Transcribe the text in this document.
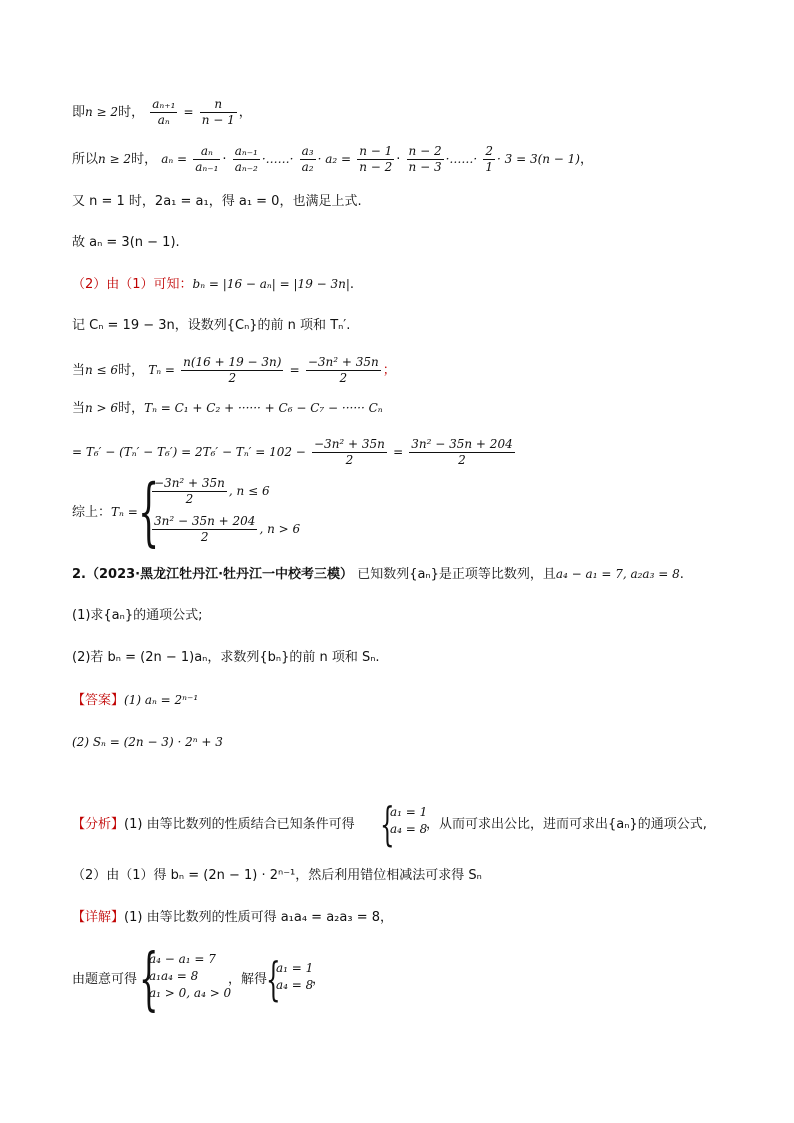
即n ≥ 2时， $\frac{\text{aₙ₊₁}}{\text{aₙ}} = \frac{n}{n - 1}$ ，
所以n ≥ 2时， $a_n = \frac{\text{aₙ}}{\text{aₙ₋₁}} \cdot \frac{\text{aₙ₋₁}}{\text{aₙ₋₂}}$ ·……· $\frac{\text{a₃}}{\text{a₂}} \cdot a_2 = \frac{n - 1}{n - 2} \cdot \frac{n - 2}{n - 3}$ ·……· $\frac{2}{1} \cdot 3 = 3(n - 1)$，
又 n = 1 时，2a₁ = a₁，得 a₁ = 0，也满足上式.
故 aₙ = 3(n − 1).
（2）由（1）可知：bₙ = |16 − aₙ| = |19 − 3n|.
记 Cₙ = 19 − 3n，设数列{Cₙ}的前 n 项和 Tₙ′.
当n ≤ 6时， $T_n = \frac{n(16 + 19 - 3n)}{2} = \frac{\text{−3n² + 35n}}{2}$ ；
当n > 6时，Tₙ = C₁ + C₂ + ······ + C₆ − C₇ − ······ Cₙ
= $T_6' - (T_n' - T_6') = 2T_6' - T_n' = 102 - \frac{\text{−3n² + 35n}}{2} = \frac{\text{3n² − 35n + 204}}{2}$
综上：Tₙ = {
$\frac{\text{−3n² + 35n}}{2}$ , n ≤ 6
$\frac{\text{3n² − 35n + 204}}{2}$ , n > 6
2.（2023·黑龙江牡丹江·牡丹江一中校考三模） 已知数列{aₙ}是正项等比数列，且a₄ − a₁ = 7, a₂a₃ = 8.
(1)求{aₙ}的通项公式;
(2)若 bₙ = (2n − 1)aₙ，求数列{bₙ}的前 n 项和 Sₙ.
【答案】(1) aₙ = 2ⁿ⁻¹
(2) Sₙ = (2n − 3) · 2ⁿ + 3
【分析】(1) 由等比数列的性质结合已知条件可得 {
a₁ = 1
a₄ = 8
，从而可求出公比，进而可求出{aₙ}的通项公式,
（2）由（1）得 bₙ = (2n − 1) · 2ⁿ⁻¹，然后利用错位相减法可求得 Sₙ
【详解】(1) 由等比数列的性质可得 a₁a₄ = a₂a₃ = 8，
由题意可得 {
a₄ − a₁ = 7
a₁a₄ = 8
a₁ > 0, a₄ > 0
，解得
{
a₁ = 1
a₄ = 8
，
